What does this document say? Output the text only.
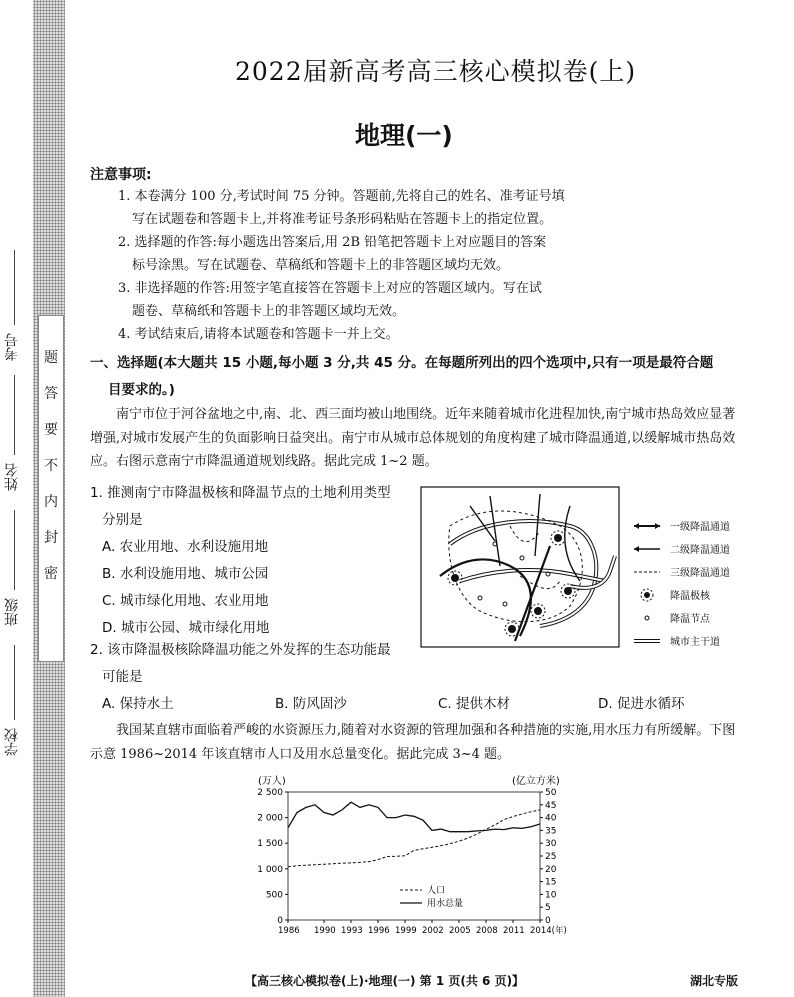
题
答
要
不
内
封
密
考号
姓名
班级
学校
2022届新高考高三核心模拟卷(上)
地理(一)
注意事项:
1. 本卷满分 100 分,考试时间 75 分钟。答题前,先将自己的姓名、准考证号填
写在试题卷和答题卡上,并将准考证号条形码粘贴在答题卡上的指定位置。
2. 选择题的作答:每小题选出答案后,用 2B 铅笔把答题卡上对应题目的答案
标号涂黑。写在试题卷、草稿纸和答题卡上的非答题区域均无效。
3. 非选择题的作答:用签字笔直接答在答题卡上对应的答题区域内。写在试
题卷、草稿纸和答题卡上的非答题区域均无效。
4. 考试结束后,请将本试题卷和答题卡一并上交。
一、选择题(本大题共 15 小题,每小题 3 分,共 45 分。在每题所列出的四个选项中,只有一项是最符合题
目要求的。)
南宁市位于河谷盆地之中,南、北、西三面均被山地围绕。近年来随着城市化进程加快,南宁城市热岛效应显著增强,对城市发展产生的负面影响日益突出。南宁市从城市总体规划的角度构建了城市降温通道,以缓解城市热岛效应。右图示意南宁市降温通道规划线路。据此完成 1~2 题。
1. 推测南宁市降温极核和降温节点的土地利用类型
分别是
A. 农业用地、水利设施用地
B. 水利设施用地、城市公园
C. 城市绿化用地、农业用地
D. 城市公园、城市绿化用地
2. 该市降温极核除降温功能之外发挥的生态功能最
可能是
A. 保持水土	B. 防风固沙	C. 提供木材	D. 促进水循环
我国某直辖市面临着严峻的水资源压力,随着对水资源的管理加强和各种措施的实施,用水压力有所缓解。下图示意 1986~2014 年该直辖市人口及用水总量变化。据此完成 3~4 题。
一级降温通道
二级降温通道
三级降温通道
降温极核
降温节点
城市主干道
(万人)	(亿立方米)
0
500
1 000
1 500
2 000
2 500
0
5
10
15
20
25
30
35
40
45
50
1986 1990 1993 1996 1999 2002 2005 2008 2011 2014(年)
人口
用水总量
【高三核心模拟卷(上)·地理(一) 第 1 页(共 6 页)】	湖北专版
